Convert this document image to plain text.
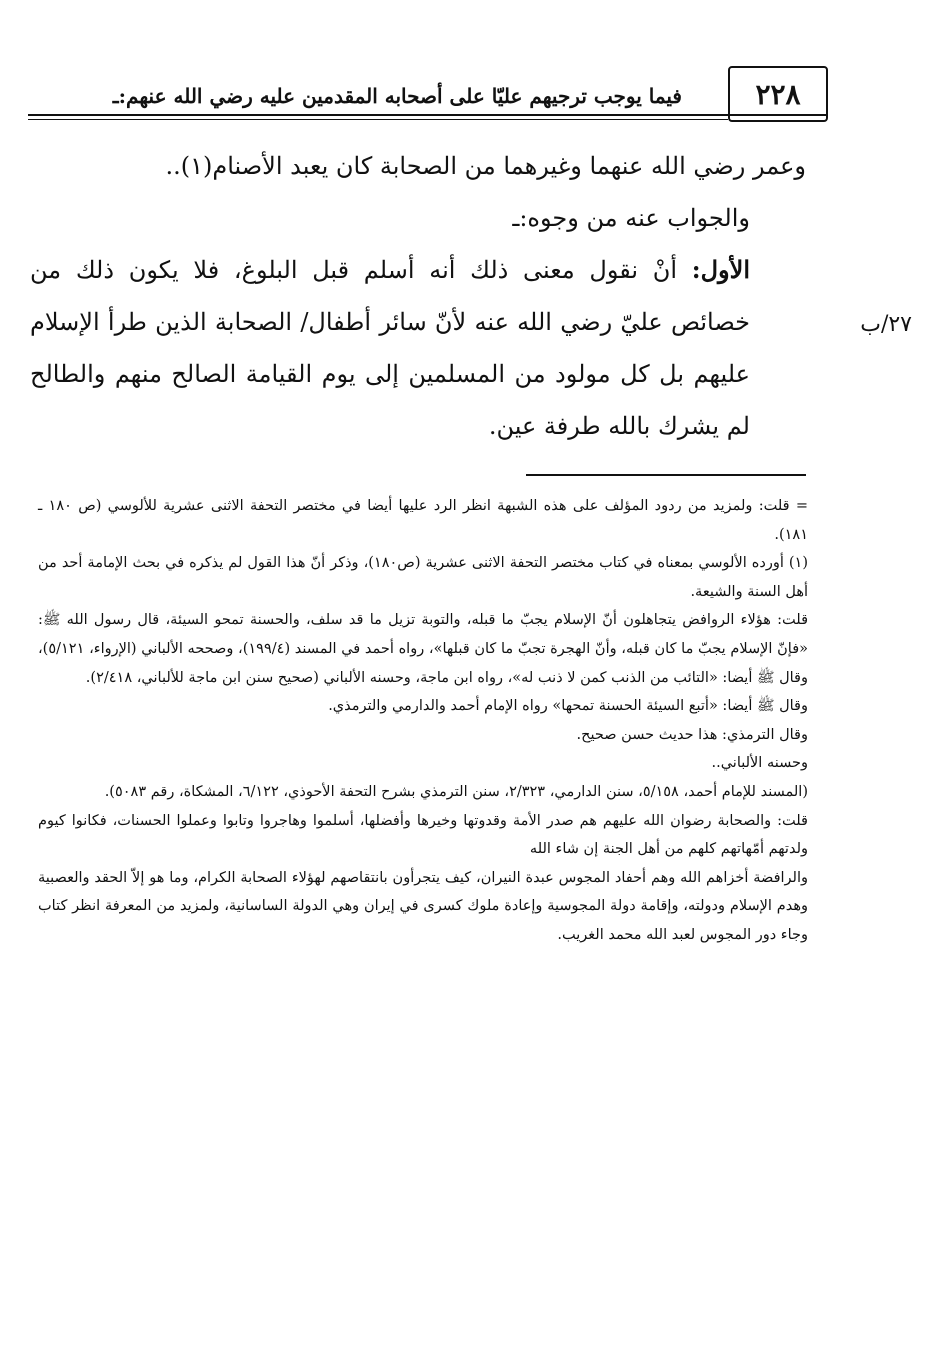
فيما يوجب ترجيهم عليّا على أصحابه المقدمين عليه رضي الله عنهم:ـ	٢٢٨
٢٧/ب

وعمر رضي الله عنهما وغيرهما من الصحابة كان يعبد الأصنام(١)..

والجواب عنه من وجوه:ـ

الأول: أنْ نقول معنى ذلك أنه أسلم قبل البلوغ، فلا يكون ذلك من خصائص عليّ رضي الله عنه لأنّ سائر أطفال/ الصحابة الذين طرأ الإسلام عليهم بل كل مولود من المسلمين إلى يوم القيامة الصالح منهم والطالح لم يشرك بالله طرفة عين.

= قلت: ولمزيد من ردود المؤلف على هذه الشبهة انظر الرد عليها أيضا في مختصر التحفة الاثنى عشرية للألوسي (ص ١٨٠ ـ ١٨١).

(١) أورده الألوسي بمعناه في كتاب مختصر التحفة الاثنى عشرية (ص١٨٠)، وذكر أنّ هذا القول لم يذكره في بحث الإمامة أحد من أهل السنة والشيعة.

قلت: هؤلاء الروافض يتجاهلون أنّ الإسلام يجبّ ما قبله، والتوبة تزيل ما قد سلف، والحسنة تمحو السيئة، قال رسول الله ﷺ: «فإنّ الإسلام يجبّ ما كان قبله، وأنّ الهجرة تجبّ ما كان قبلها»، رواه أحمد في المسند (١٩٩/٤)، وصححه الألباني (الإرواء، ٥/١٢١)، وقال ﷺ أيضا: «التائب من الذنب كمن لا ذنب له»، رواه ابن ماجة، وحسنه الألباني (صحيح سنن ابن ماجة للألباني، ٢/٤١٨).

وقال ﷺ أيضا: «أتبع السيئة الحسنة تمحها» رواه الإمام أحمد والدارمي والترمذي.

وقال الترمذي: هذا حديث حسن صحيح.

وحسنه الألباني..

(المسند للإمام أحمد، ٥/١٥٨، سنن الدارمي، ٢/٣٢٣، سنن الترمذي بشرح التحفة الأحوذي، ٦/١٢٢، المشكاة، رقم ٥٠٨٣).

قلت: والصحابة رضوان الله عليهم هم صدر الأمة وقدوتها وخيرها وأفضلها، أسلموا وهاجروا وتابوا وعملوا الحسنات، فكانوا كيوم ولدتهم أمّهاتهم كلهم من أهل الجنة إن شاء الله

والرافضة أخزاهم الله وهم أحفاد المجوس عبدة النيران، كيف يتجرأون بانتقاصهم لهؤلاء الصحابة الكرام، وما هو إلاّ الحقد والعصبية وهدم الإسلام ودولته، وإقامة دولة المجوسية وإعادة ملوك كسرى في إيران وهي الدولة الساسانية، ولمزيد من المعرفة انظر كتاب وجاء دور المجوس لعبد الله محمد الغريب.
